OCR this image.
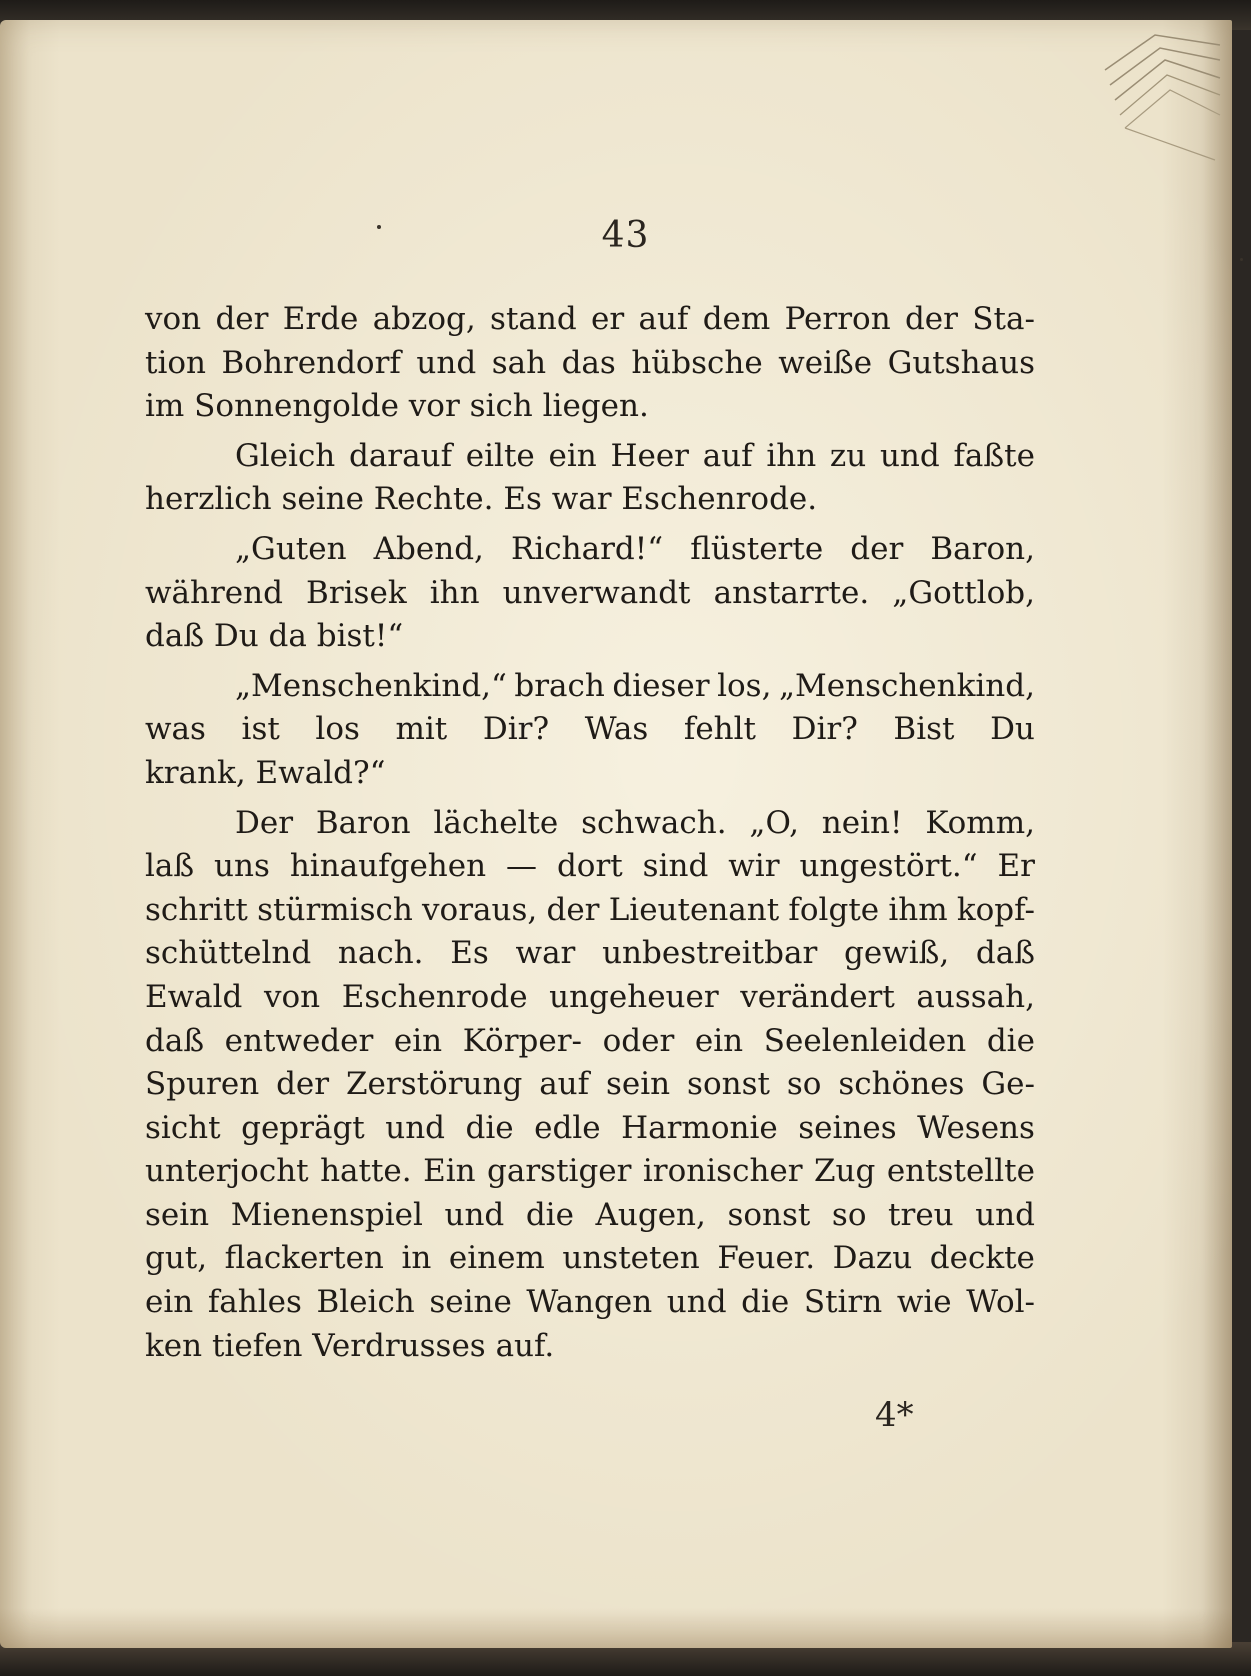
43
von der Erde abzog, stand er auf dem Perron der Sta-
tion Bohrendorf und sah das hübsche weiße Gutshaus
im Sonnengolde vor sich liegen.
Gleich darauf eilte ein Heer auf ihn zu und faßte
herzlich seine Rechte. Es war Eschenrode.
„Guten Abend, Richard!“ flüsterte der Baron,
während Brisek ihn unverwandt anstarrte. „Gottlob,
daß Du da bist!“
„Menschenkind,“ brach dieser los, „Menschenkind,
was ist los mit Dir? Was fehlt Dir? Bist Du
krank, Ewald?“
Der Baron lächelte schwach. „O, nein! Komm,
laß uns hinaufgehen — dort sind wir ungestört.“ Er
schritt stürmisch voraus, der Lieutenant folgte ihm kopf-
schüttelnd nach. Es war unbestreitbar gewiß, daß
Ewald von Eschenrode ungeheuer verändert aussah,
daß entweder ein Körper- oder ein Seelenleiden die
Spuren der Zerstörung auf sein sonst so schönes Ge-
sicht geprägt und die edle Harmonie seines Wesens
unterjocht hatte. Ein garstiger ironischer Zug entstellte
sein Mienenspiel und die Augen, sonst so treu und
gut, flackerten in einem unsteten Feuer. Dazu deckte
ein fahles Bleich seine Wangen und die Stirn wie Wol-
ken tiefen Verdrusses auf.
4*
